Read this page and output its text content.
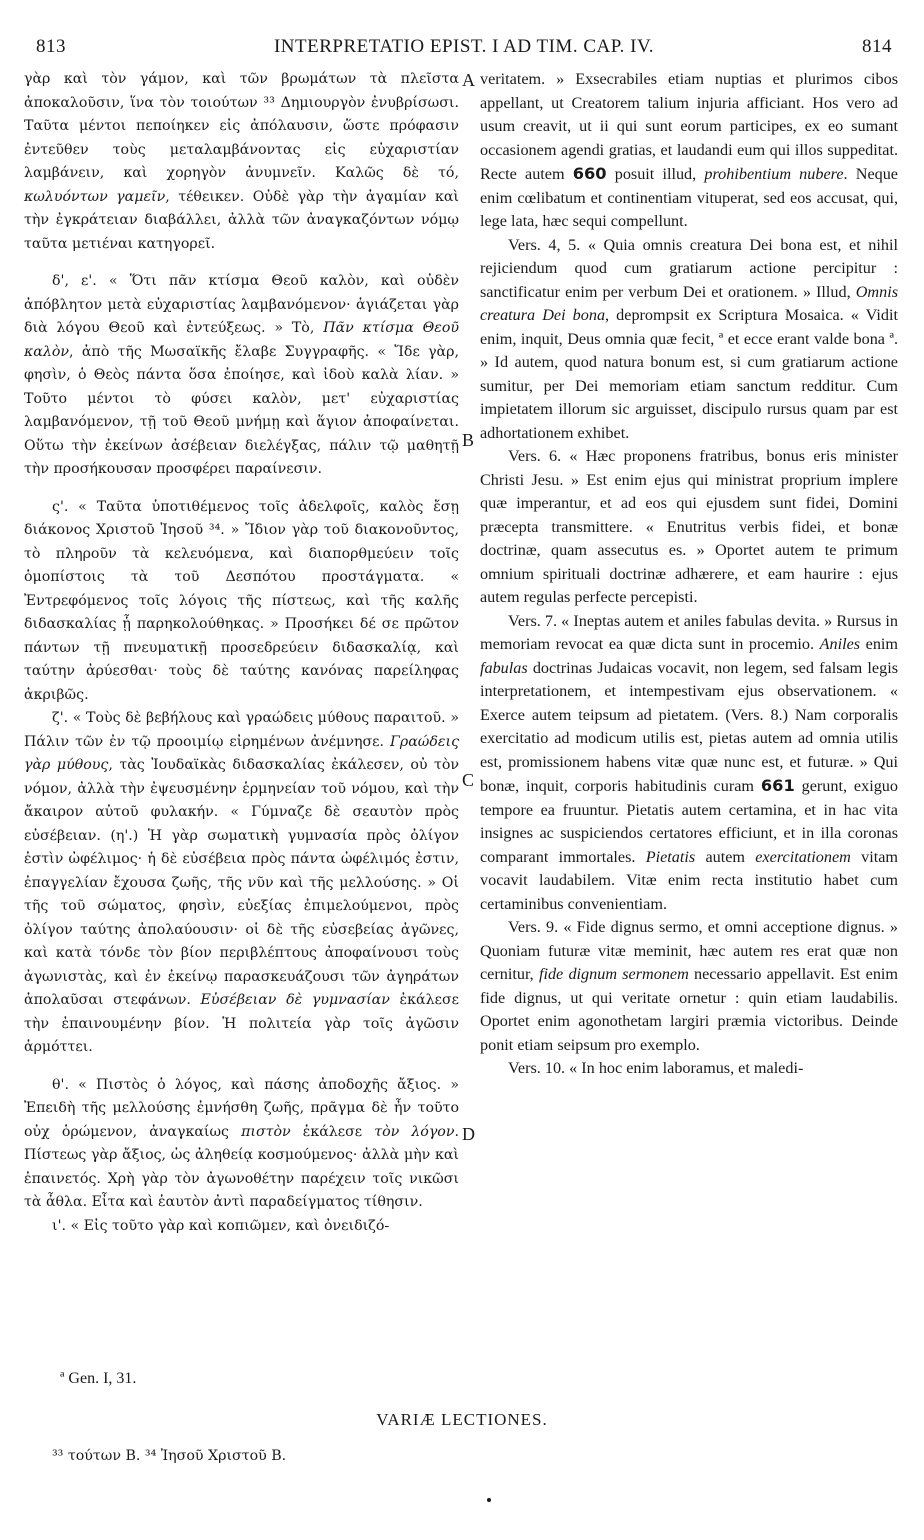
813	INTERPRETATIO EPIST. I AD TIM. CAP. IV.	814

γὰρ καὶ τὸν γάμον, καὶ τῶν βρωμάτων τὰ πλεῖστα ἀποκαλοῦσιν, ἵνα τὸν τοιούτων ³³ Δημιουργὸν ἐνυβρίσωσι. Ταῦτα μέντοι πεποίηκεν εἰς ἀπόλαυσιν, ὥστε πρόφασιν ἐντεῦθεν τοὺς μεταλαμβάνοντας εἰς εὐχαριστίαν λαμβάνειν, καὶ χορηγὸν ἀνυμνεῖν. Καλῶς δὲ τό, κωλυόντων γαμεῖν, τέθεικεν. Οὐδὲ γὰρ τὴν ἀγαμίαν καὶ τὴν ἐγκράτειαν διαβάλλει, ἀλλὰ τῶν ἀναγκαζόντων νόμῳ ταῦτα μετιέναι κατηγορεῖ.

δ', ε'. « Ὅτι πᾶν κτίσμα Θεοῦ καλὸν, καὶ οὐδὲν ἀπόβλητον μετὰ εὐχαριστίας λαμβανόμενον· ἁγιάζεται γὰρ διὰ λόγου Θεοῦ καὶ ἐντεύξεως. » Τὸ, Πᾶν κτίσμα Θεοῦ καλὸν, ἀπὸ τῆς Μωσαϊκῆς ἔλαβε Συγγραφῆς. « Ἴδε γὰρ, φησὶν, ὁ Θεὸς πάντα ὅσα ἐποίησε, καὶ ἰδοὺ καλὰ λίαν. » Τοῦτο μέντοι τὸ φύσει καλὸν, μετ' εὐχαριστίας λαμβανόμενον, τῇ τοῦ Θεοῦ μνήμῃ καὶ ἅγιον ἀποφαίνεται. Οὕτω τὴν ἐκείνων ἀσέβειαν διελέγξας, πάλιν τῷ μαθητῇ τὴν προσήκουσαν προσφέρει παραίνεσιν.

ς'. « Ταῦτα ὑποτιθέμενος τοῖς ἀδελφοῖς, καλὸς ἔσῃ διάκονος Χριστοῦ Ἰησοῦ ³⁴. » Ἴδιον γὰρ τοῦ διακονοῦντος, τὸ πληροῦν τὰ κελευόμενα, καὶ διαπορθμεύειν τοῖς ὁμοπίστοις τὰ τοῦ Δεσπότου προστάγματα. « Ἐντρεφόμενος τοῖς λόγοις τῆς πίστεως, καὶ τῆς καλῆς διδασκαλίας ᾗ παρηκολούθηκας. » Προσήκει δέ σε πρῶτον πάντων τῇ πνευματικῇ προσεδρεύειν διδασκαλίᾳ, καὶ ταύτην ἀρύεσθαι· τοὺς δὲ ταύτης κανόνας παρείληφας ἀκριβῶς.

ζ'. « Τοὺς δὲ βεβήλους καὶ γραώδεις μύθους παραιτοῦ. » Πάλιν τῶν ἐν τῷ προοιμίῳ εἰρημένων ἀνέμνησε. Γραώδεις γὰρ μύθους, τὰς Ἰουδαϊκὰς διδασκαλίας ἐκάλεσεν, οὐ τὸν νόμον, ἀλλὰ τὴν ἐψευσμένην ἑρμηνείαν τοῦ νόμου, καὶ τὴν ἄκαιρον αὐτοῦ φυλακήν. « Γύμναζε δὲ σεαυτὸν πρὸς εὐσέβειαν. (η'.) Ἡ γὰρ σωματικὴ γυμνασία πρὸς ὀλίγον ἐστὶν ὠφέλιμος· ἡ δὲ εὐσέβεια πρὸς πάντα ὠφέλιμός ἐστιν, ἐπαγγελίαν ἔχουσα ζωῆς, τῆς νῦν καὶ τῆς μελλούσης. » Οἱ τῆς τοῦ σώματος, φησὶν, εὐεξίας ἐπιμελούμενοι, πρὸς ὀλίγον ταύτης ἀπολαύουσιν· οἱ δὲ τῆς εὐσεβείας ἀγῶνες, καὶ κατὰ τόνδε τὸν βίον περιβλέπτους ἀποφαίνουσι τοὺς ἀγωνιστὰς, καὶ ἐν ἐκείνῳ παρασκευάζουσι τῶν ἀγηράτων ἀπολαῦσαι στεφάνων. Εὐσέβειαν δὲ γυμνασίαν ἐκάλεσε τὴν ἐπαινουμένην βίον. Ἡ πολιτεία γὰρ τοῖς ἀγῶσιν ἁρμόττει.

θ'. « Πιστὸς ὁ λόγος, καὶ πάσης ἀποδοχῆς ἄξιος. » Ἐπειδὴ τῆς μελλούσης ἐμνήσθη ζωῆς, πρᾶγμα δὲ ἦν τοῦτο οὐχ ὁρώμενον, ἀναγκαίως πιστὸν ἐκάλεσε τὸν λόγον. Πίστεως γὰρ ἄξιος, ὡς ἀληθείᾳ κοσμούμενος· ἀλλὰ μὴν καὶ ἐπαινετός. Χρὴ γὰρ τὸν ἀγωνοθέτην παρέχειν τοῖς νικῶσι τὰ ἆθλα. Εἶτα καὶ ἑαυτὸν ἀντὶ παραδείγματος τίθησιν.

ι'. « Εἰς τοῦτο γὰρ καὶ κοπιῶμεν, καὶ ὀνειδιζό-

A
B
C
D

veritatem. » Exsecrabiles etiam nuptias et plurimos cibos appellant, ut Creatorem talium injuria afficiant. Hos vero ad usum creavit, ut ii qui sunt eorum participes, ex eo sumant occasionem agendi gratias, et laudandi eum qui illos suppeditat. Recte autem 660 posuit illud, prohibentium nubere. Neque enim cœlibatum et continentiam vituperat, sed eos accusat, qui, lege lata, hæc sequi compellunt.

Vers. 4, 5. « Quia omnis creatura Dei bona est, et nihil rejiciendum quod cum gratiarum actione percipitur : sanctificatur enim per verbum Dei et orationem. » Illud, Omnis creatura Dei bona, deprompsit ex Scriptura Mosaica. « Vidit enim, inquit, Deus omnia quæ fecit, ª et ecce erant valde bona ª. » Id autem, quod natura bonum est, si cum gratiarum actione sumitur, per Dei memoriam etiam sanctum redditur. Cum impietatem illorum sic arguisset, discipulo rursus quam par est adhortationem exhibet.

Vers. 6. « Hæc proponens fratribus, bonus eris minister Christi Jesu. » Est enim ejus qui ministrat proprium implere quæ imperantur, et ad eos qui ejusdem sunt fidei, Domini præcepta transmittere. « Enutritus verbis fidei, et bonæ doctrinæ, quam assecutus es. » Oportet autem te primum omnium spirituali doctrinæ adhærere, et eam haurire : ejus autem regulas perfecte percepisti.

Vers. 7. « Ineptas autem et aniles fabulas devita. » Rursus in memoriam revocat ea quæ dicta sunt in procemio. Aniles enim fabulas doctrinas Judaicas vocavit, non legem, sed falsam legis interpretationem, et intempestivam ejus observationem. « Exerce autem teipsum ad pietatem. (Vers. 8.) Nam corporalis exercitatio ad modicum utilis est, pietas autem ad omnia utilis est, promissionem habens vitæ quæ nunc est, et futuræ. » Qui bonæ, inquit, corporis habitudinis curam 661 gerunt, exiguo tempore ea fruuntur. Pietatis autem certamina, et in hac vita insignes ac suspiciendos certatores efficiunt, et in illa coronas comparant immortales. Pietatis autem exercitationem vitam vocavit laudabilem. Vitæ enim recta institutio habet cum certaminibus convenientiam.

Vers. 9. « Fide dignus sermo, et omni acceptione dignus. » Quoniam futuræ vitæ meminit, hæc autem res erat quæ non cernitur, fide dignum sermonem necessario appellavit. Est enim fide dignus, ut qui veritate ornetur : quin etiam laudabilis. Oportet enim agonothetam largiri præmia victoribus. Deinde ponit etiam seipsum pro exemplo.

Vers. 10. « In hoc enim laboramus, et maledi-

ª Gen. I, 31.
VARIÆ LECTIONES.
³³ τούτων B. ³⁴ Ἰησοῦ Χριστοῦ B.
